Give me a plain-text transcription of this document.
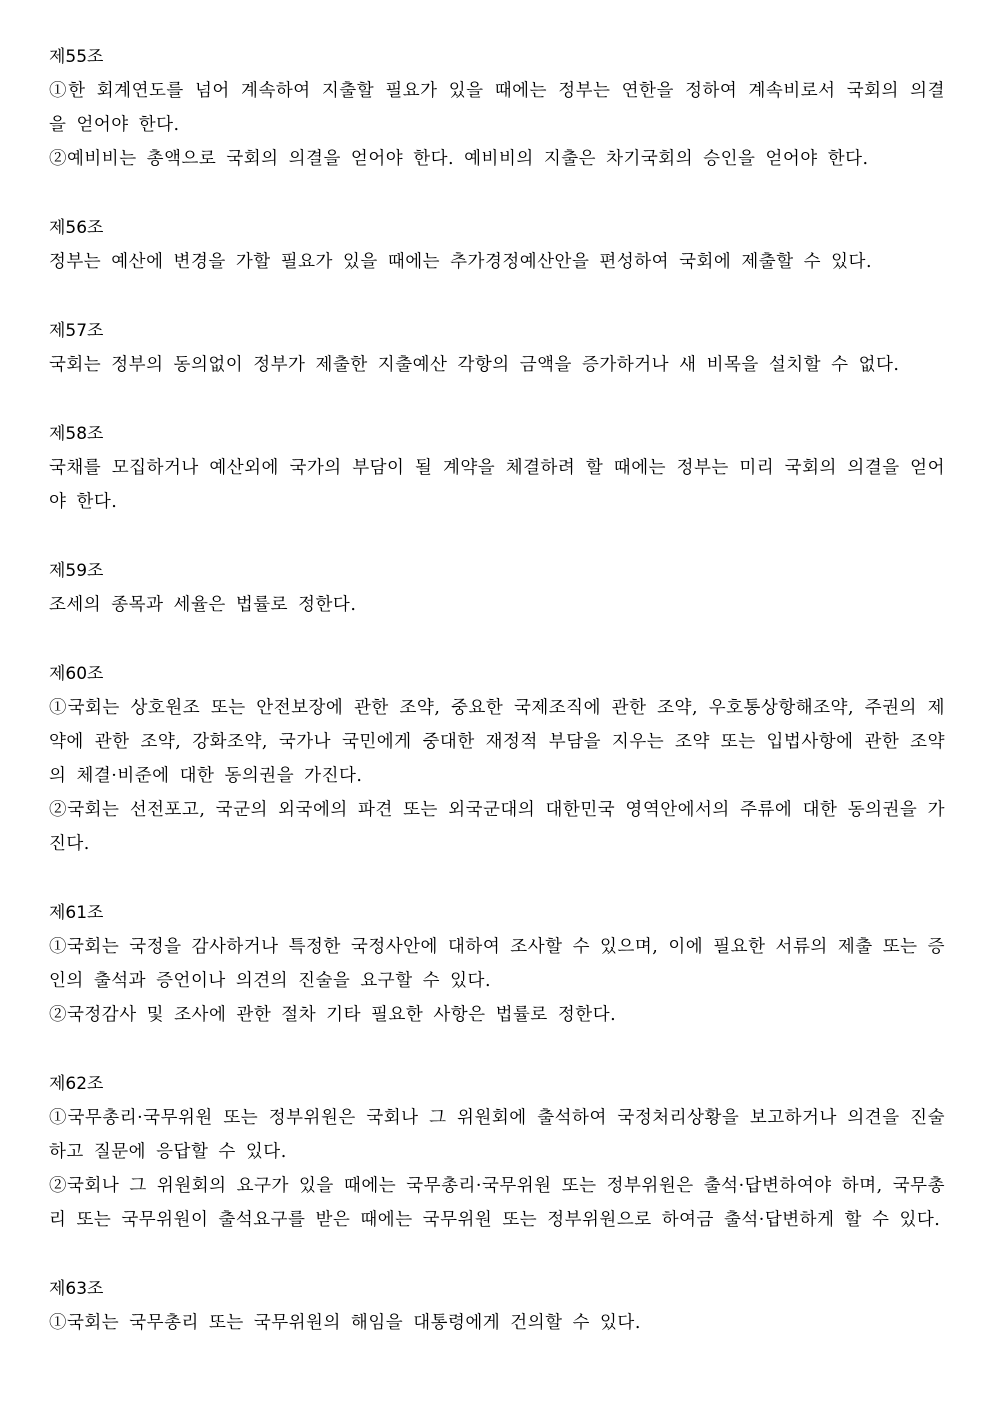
제55조
①한 회계연도를 넘어 계속하여 지출할 필요가 있을 때에는 정부는 연한을 정하여 계속비로서 국회의 의결을 얻어야 한다.
②예비비는 총액으로 국회의 의결을 얻어야 한다. 예비비의 지출은 차기국회의 승인을 얻어야 한다.
제56조
정부는 예산에 변경을 가할 필요가 있을 때에는 추가경정예산안을 편성하여 국회에 제출할 수 있다.
제57조
국회는 정부의 동의없이 정부가 제출한 지출예산 각항의 금액을 증가하거나 새 비목을 설치할 수 없다.
제58조
국채를 모집하거나 예산외에 국가의 부담이 될 계약을 체결하려 할 때에는 정부는 미리 국회의 의결을 얻어야 한다.
제59조
조세의 종목과 세율은 법률로 정한다.
제60조
①국회는 상호원조 또는 안전보장에 관한 조약, 중요한 국제조직에 관한 조약, 우호통상항해조약, 주권의 제약에 관한 조약, 강화조약, 국가나 국민에게 중대한 재정적 부담을 지우는 조약 또는 입법사항에 관한 조약의 체결·비준에 대한 동의권을 가진다.
②국회는 선전포고, 국군의 외국에의 파견 또는 외국군대의 대한민국 영역안에서의 주류에 대한 동의권을 가진다.
제61조
①국회는 국정을 감사하거나 특정한 국정사안에 대하여 조사할 수 있으며, 이에 필요한 서류의 제출 또는 증인의 출석과 증언이나 의견의 진술을 요구할 수 있다.
②국정감사 및 조사에 관한 절차 기타 필요한 사항은 법률로 정한다.
제62조
①국무총리·국무위원 또는 정부위원은 국회나 그 위원회에 출석하여 국정처리상황을 보고하거나 의견을 진술하고 질문에 응답할 수 있다.
②국회나 그 위원회의 요구가 있을 때에는 국무총리·국무위원 또는 정부위원은 출석·답변하여야 하며, 국무총리 또는 국무위원이 출석요구를 받은 때에는 국무위원 또는 정부위원으로 하여금 출석·답변하게 할 수 있다.
제63조
①국회는 국무총리 또는 국무위원의 해임을 대통령에게 건의할 수 있다.
